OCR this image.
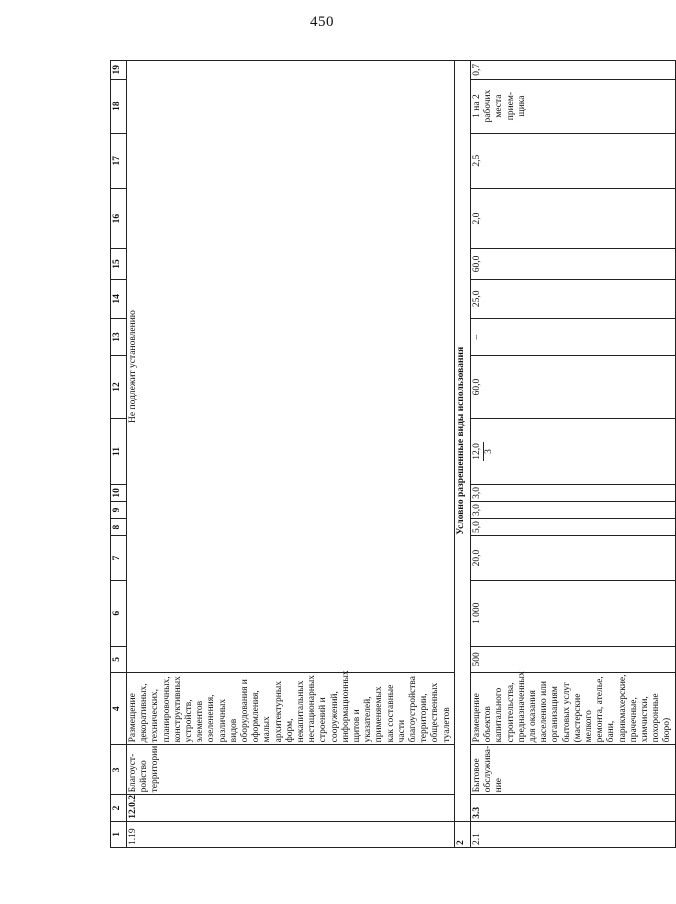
450
1	2	3	4	5	6	7	8	9	10	11	12	13	14	15	16	17	18	19
1.19	12.0.2	Благоуст-ройство территории	Размещение декоративных, технических, планировочных, конструктивных устройств, элементов озеленения, различных видов оборудования и оформления, малых архитектурных форм, некапитальных нестационарных строений и сооружений, информационных щитов и указателей, применяемых как составные части благоустройства территории, общественных туалетов	Не подлежит установлению														
2	Условно разрешенные виды использования																	
2.1	3.3	Бытовое обслужива-ние	Размещение объектов капитального строительства, предназначенных для оказания населению или организациям бытовых услуг (мастерские мелкого ремонта, ателье, бани, парикмахерские, прачечные, химчистки, похоронные бюро)	500	1 000	20,0	5,0	3,0	3,0	12,0 3	60,0	–	25,0	60,0	2,0	2,5	1 на 2 рабочих места прием-щика	0,7
